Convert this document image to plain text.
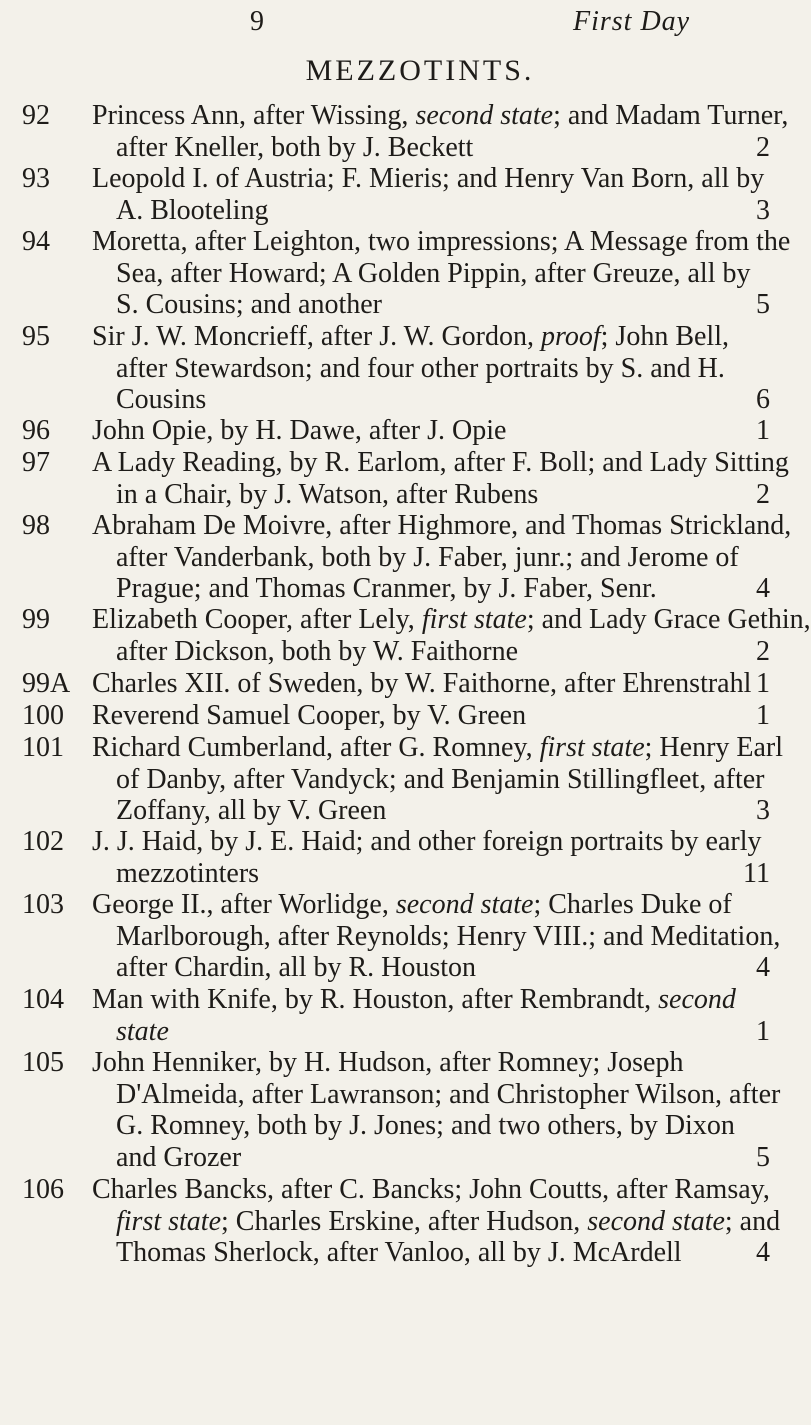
9	First Day
MEZZOTINTS.
92	Princess Ann, after Wissing, second state; and Madam Turner,
after Kneller, both by J. Beckett	2
93	Leopold I. of Austria; F. Mieris; and Henry Van Born, all by
A. Blooteling	3
94	Moretta, after Leighton, two impressions; A Message from the
Sea, after Howard; A Golden Pippin, after Greuze, all by
S. Cousins; and another	5
95	Sir J. W. Moncrieff, after J. W. Gordon, proof; John Bell,
after Stewardson; and four other portraits by S. and H.
Cousins	6
96	John Opie, by H. Dawe, after J. Opie	1
97	A Lady Reading, by R. Earlom, after F. Boll; and Lady Sitting
in a Chair, by J. Watson, after Rubens	2
98	Abraham De Moivre, after Highmore, and Thomas Strickland,
after Vanderbank, both by J. Faber, junr.; and Jerome of
Prague; and Thomas Cranmer, by J. Faber, Senr.	4
99	Elizabeth Cooper, after Lely, first state; and Lady Grace Gethin,
after Dickson, both by W. Faithorne	2
99A Charles XII. of Sweden, by W. Faithorne, after Ehrenstrahl 1
100	Reverend Samuel Cooper, by V. Green	1
101	Richard Cumberland, after G. Romney, first state; Henry Earl
of Danby, after Vandyck; and Benjamin Stillingfleet, after
Zoffany, all by V. Green	3
102	J. J. Haid, by J. E. Haid; and other foreign portraits by early
mezzotinters	11
103	George II., after Worlidge, second state; Charles Duke of
Marlborough, after Reynolds; Henry VIII.; and Meditation,
after Chardin, all by R. Houston	4
104	Man with Knife, by R. Houston, after Rembrandt, second
state	1
105	John Henniker, by H. Hudson, after Romney; Joseph
D'Almeida, after Lawranson; and Christopher Wilson, after
G. Romney, both by J. Jones; and two others, by Dixon
and Grozer	5
106	Charles Bancks, after C. Bancks; John Coutts, after Ramsay,
first state; Charles Erskine, after Hudson, second state; and
Thomas Sherlock, after Vanloo, all by J. McArdell	4
